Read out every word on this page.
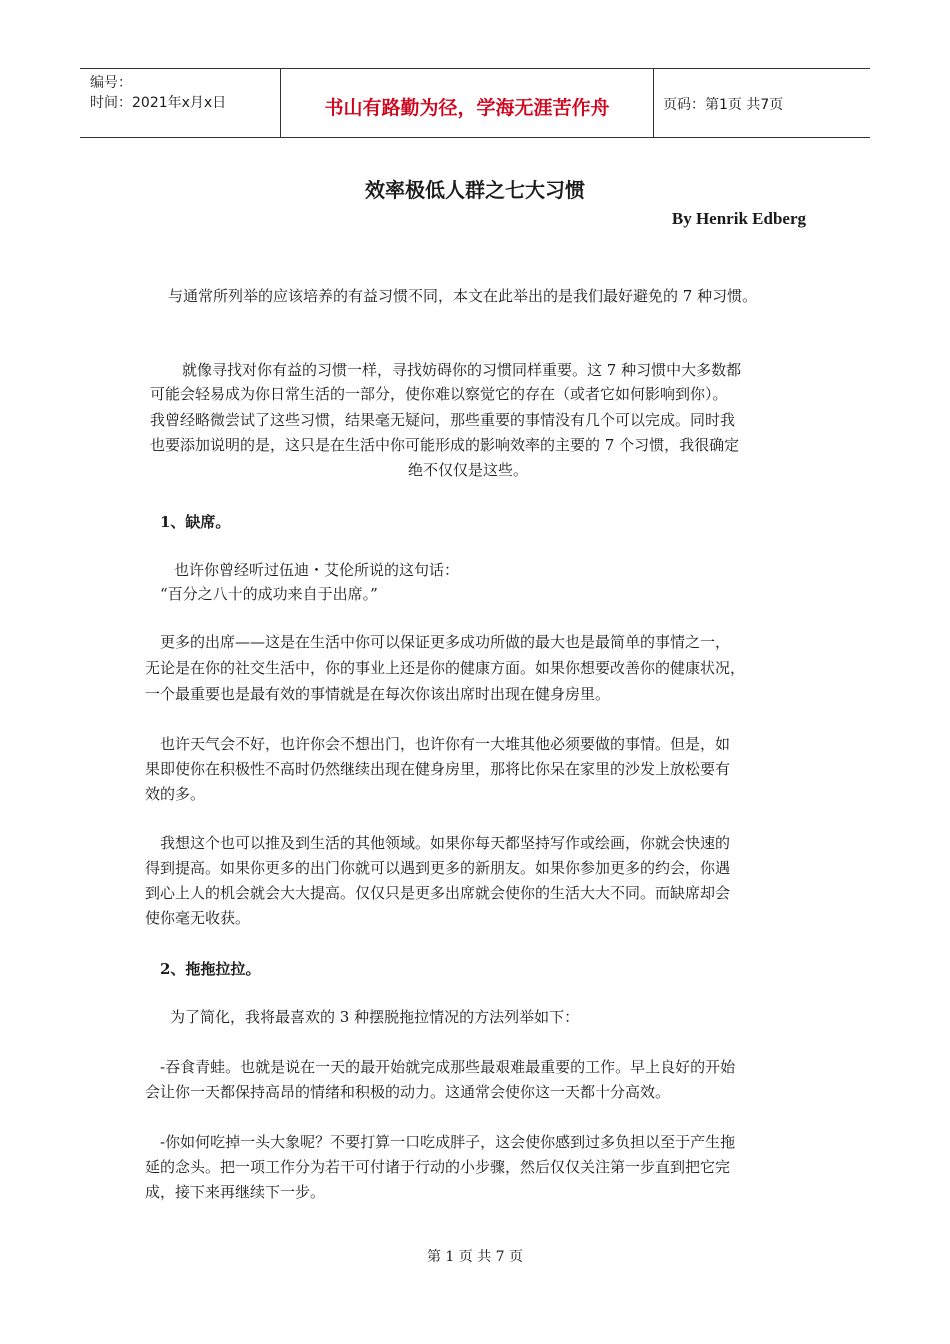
编号：
时间：2021年x月x日	书山有路勤为径，学海无涯苦作舟	页码：第1页 共7页
效率极低人群之七大习惯
By Henrik Edberg
与通常所列举的应该培养的有益习惯不同，本文在此举出的是我们最好避免的 7 种习惯。
就像寻找对你有益的习惯一样，寻找妨碍你的习惯同样重要。这 7 种习惯中大多数都
可能会轻易成为你日常生活的一部分，使你难以察觉它的存在（或者它如何影响到你）。
我曾经略微尝试了这些习惯，结果毫无疑问，那些重要的事情没有几个可以完成。同时我
也要添加说明的是，这只是在生活中你可能形成的影响效率的主要的 7 个习惯，我很确定
绝不仅仅是这些。
1、缺席。
也许你曾经听过伍迪・艾伦所说的这句话：
“百分之八十的成功来自于出席。”
更多的出席——这是在生活中你可以保证更多成功所做的最大也是最简单的事情之一，
无论是在你的社交生活中，你的事业上还是你的健康方面。如果你想要改善你的健康状况，
一个最重要也是最有效的事情就是在每次你该出席时出现在健身房里。
也许天气会不好，也许你会不想出门，也许你有一大堆其他必须要做的事情。但是，如
果即使你在积极性不高时仍然继续出现在健身房里，那将比你呆在家里的沙发上放松要有
效的多。
我想这个也可以推及到生活的其他领域。如果你每天都坚持写作或绘画，你就会快速的
得到提高。如果你更多的出门你就可以遇到更多的新朋友。如果你参加更多的约会，你遇
到心上人的机会就会大大提高。仅仅只是更多出席就会使你的生活大大不同。而缺席却会
使你毫无收获。
2、拖拖拉拉。
为了简化，我将最喜欢的 3 种摆脱拖拉情况的方法列举如下：
-吞食青蛙。也就是说在一天的最开始就完成那些最艰难最重要的工作。早上良好的开始
会让你一天都保持高昂的情绪和积极的动力。这通常会使你这一天都十分高效。
-你如何吃掉一头大象呢？不要打算一口吃成胖子，这会使你感到过多负担以至于产生拖
延的念头。把一项工作分为若干可付诸于行动的小步骤，然后仅仅关注第一步直到把它完
成，接下来再继续下一步。
第 1 页 共 7 页
